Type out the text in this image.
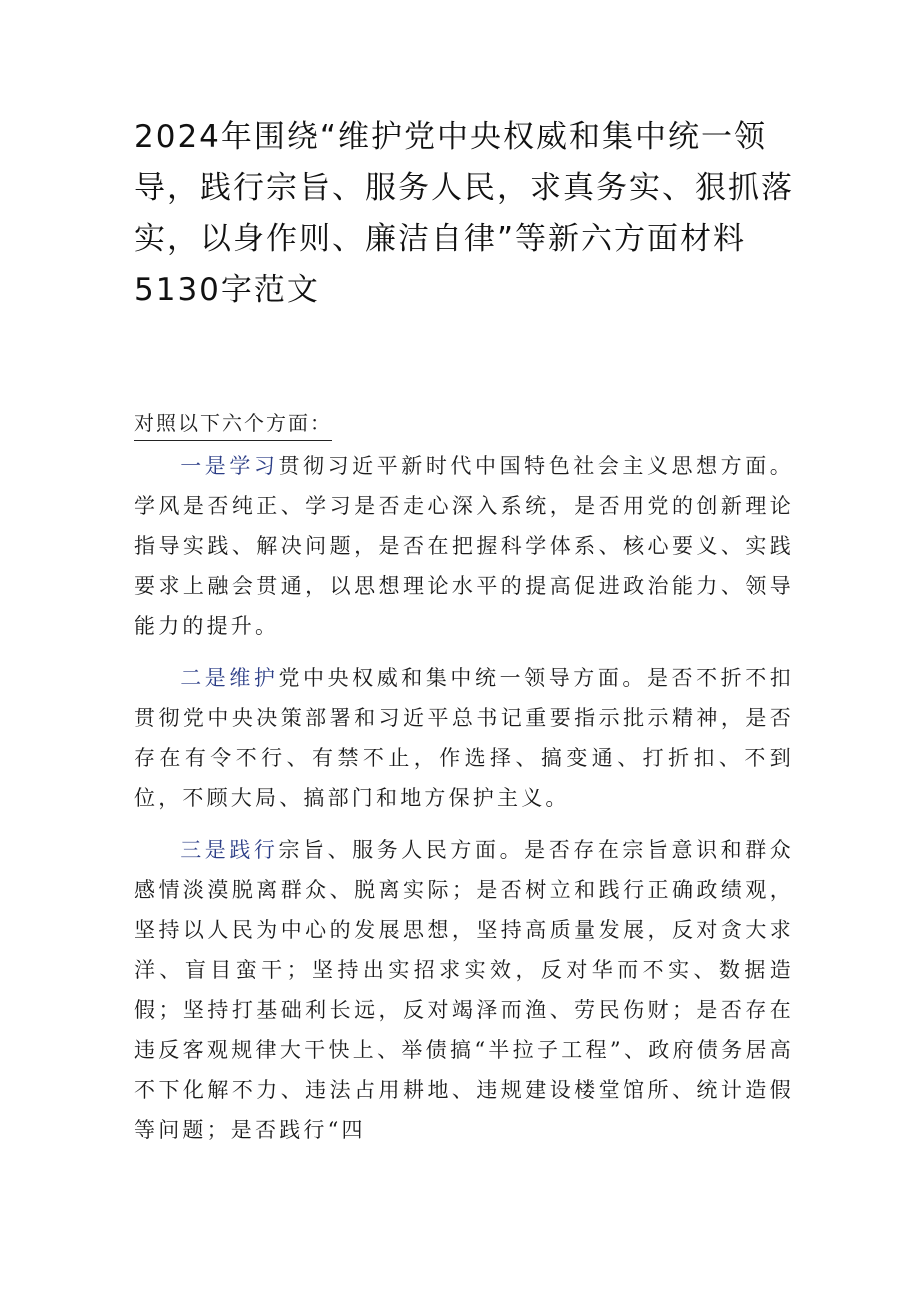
2024年围绕“维护党中央权威和集中统一领导，践行宗旨、服务人民，求真务实、狠抓落实，以身作则、廉洁自律”等新六方面材料5130字范文

对照以下六个方面：

一是学习贯彻习近平新时代中国特色社会主义思想方面。学风是否纯正、学习是否走心深入系统，是否用党的创新理论指导实践、解决问题，是否在把握科学体系、核心要义、实践要求上融会贯通，以思想理论水平的提高促进政治能力、领导能力的提升。

二是维护党中央权威和集中统一领导方面。是否不折不扣贯彻党中央决策部署和习近平总书记重要指示批示精神，是否存在有令不行、有禁不止，作选择、搞变通、打折扣、不到位，不顾大局、搞部门和地方保护主义。

三是践行宗旨、服务人民方面。是否存在宗旨意识和群众感情淡漠脱离群众、脱离实际；是否树立和践行正确政绩观，坚持以人民为中心的发展思想，坚持高质量发展，反对贪大求洋、盲目蛮干；坚持出实招求实效，反对华而不实、数据造假；坚持打基础利长远，反对竭泽而渔、劳民伤财；是否存在违反客观规律大干快上、举债搞“半拉子工程”、政府债务居高不下化解不力、违法占用耕地、违规建设楼堂馆所、统计造假等问题；是否践行“四
